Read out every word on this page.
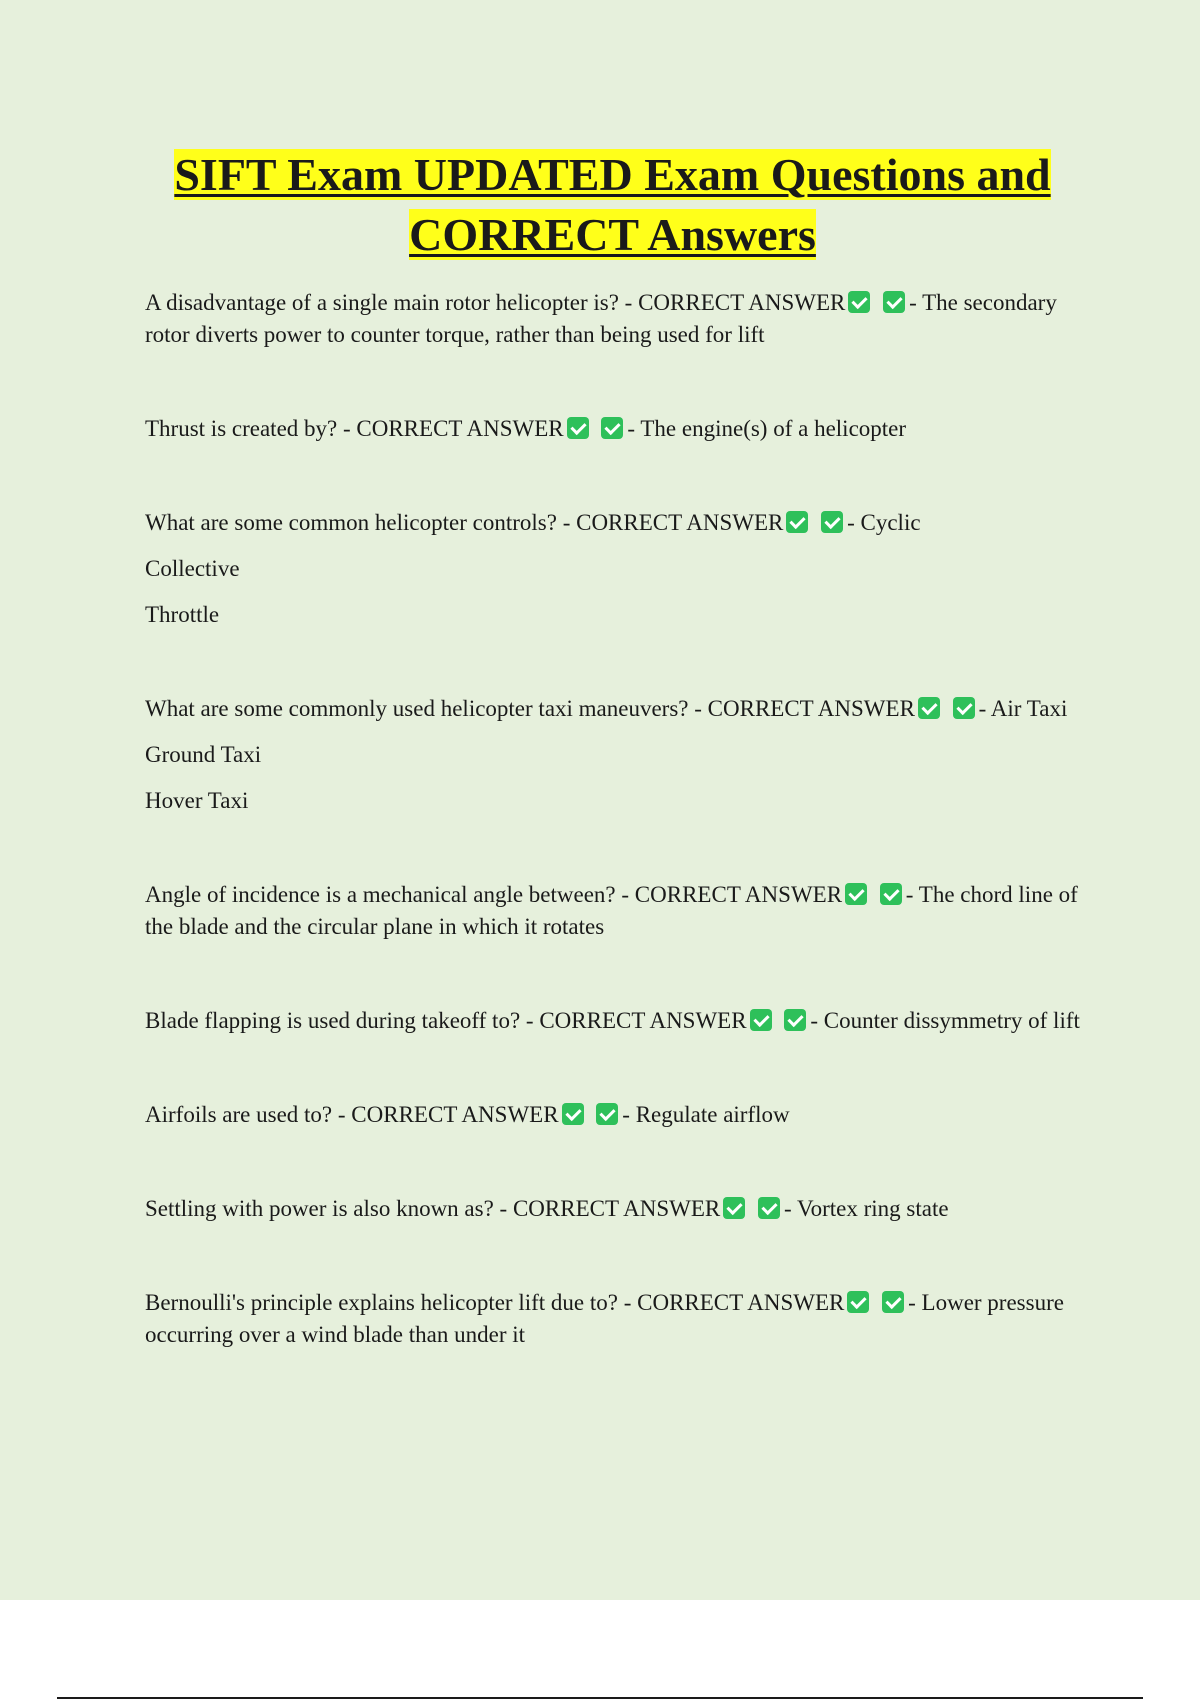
SIFT Exam UPDATED Exam Questions and
CORRECT Answers

A disadvantage of a single main rotor helicopter is? - CORRECT ANSWER	- The secondary rotor diverts power to counter torque, rather than being used for lift

Thrust is created by? - CORRECT ANSWER	- The engine(s) of a helicopter

What are some common helicopter controls? - CORRECT ANSWER	- Cyclic

Collective

Throttle

What are some commonly used helicopter taxi maneuvers? - CORRECT ANSWER	- Air Taxi

Ground Taxi

Hover Taxi

Angle of incidence is a mechanical angle between? - CORRECT ANSWER	- The chord line of the blade and the circular plane in which it rotates

Blade flapping is used during takeoff to? - CORRECT ANSWER	- Counter dissymmetry of lift

Airfoils are used to? - CORRECT ANSWER	- Regulate airflow

Settling with power is also known as? - CORRECT ANSWER	- Vortex ring state

Bernoulli's principle explains helicopter lift due to? - CORRECT ANSWER	- Lower pressure occurring over a wind blade than under it
